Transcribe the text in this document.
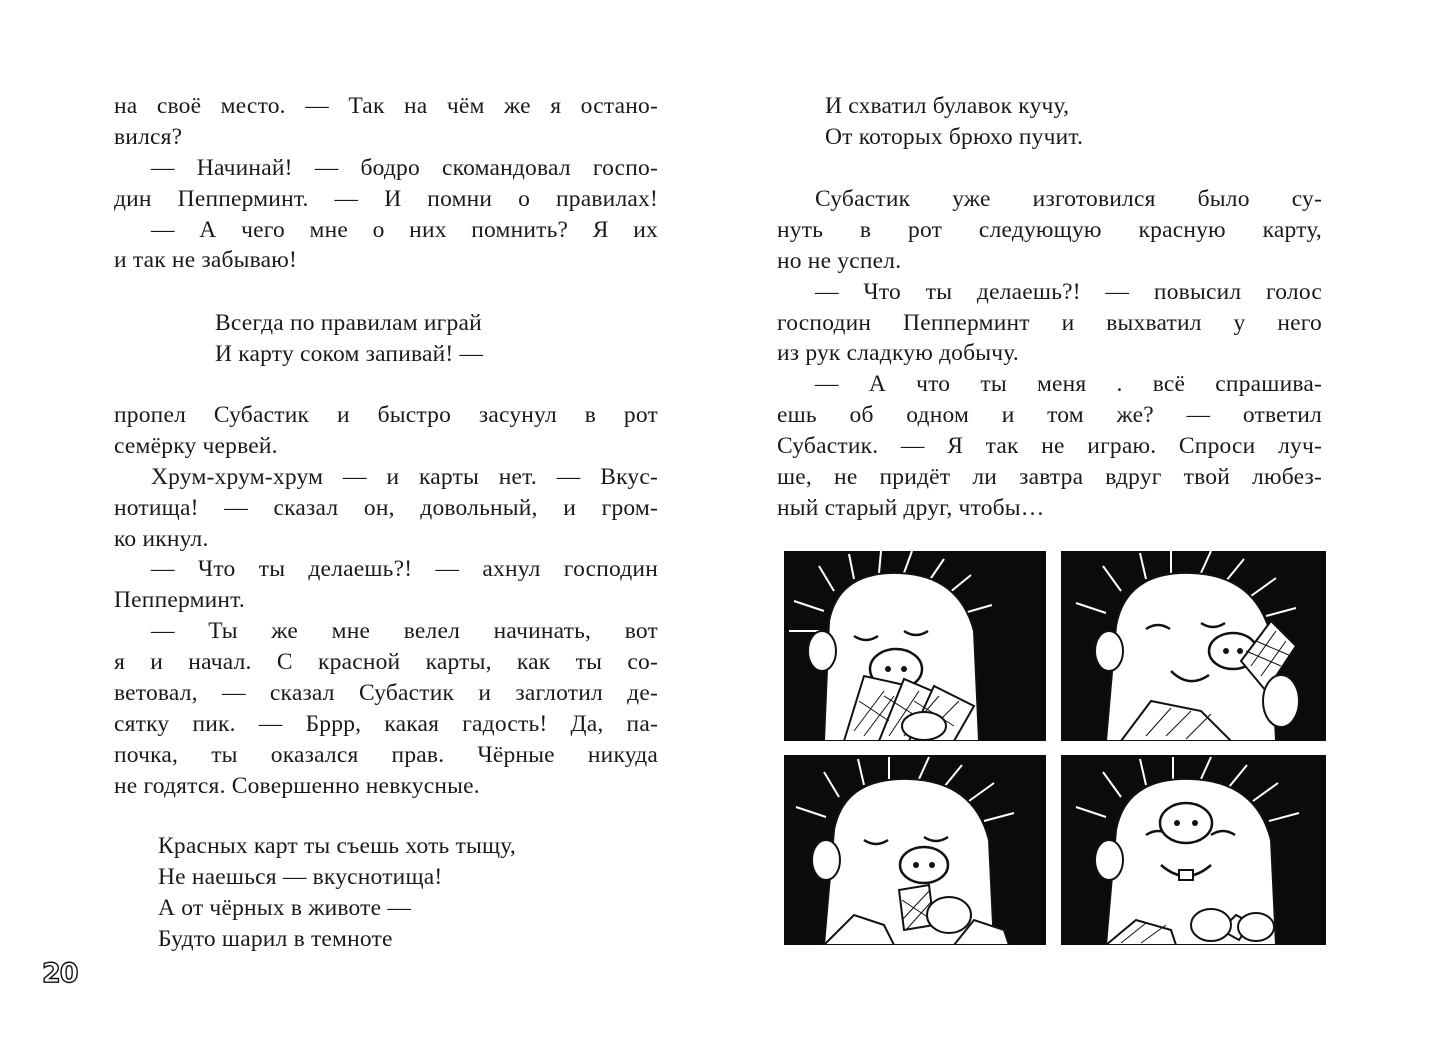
на своё место. — Так на чём же я остано-
вился?
— Начинай! — бодро скомандовал госпо-
дин Пепперминт. — И помни о правилах!
— А чего мне о них помнить? Я их
и так не забываю!
Всегда по правилам играй
И карту соком запивай! —
пропел Субастик и быстро засунул в рот
семёрку червей.
Хрум-хрум-хрум — и карты нет. — Вкус-
нотища! — сказал он, довольный, и гром-
ко икнул.
— Что ты делаешь?! — ахнул господин
Пепперминт.
— Ты же мне велел начинать, вот
я и начал. С красной карты, как ты со-
ветовал, — сказал Субастик и заглотил де-
сятку пик. — Бррр, какая гадость! Да, па-
почка, ты оказался прав. Чёрные никуда
не годятся. Совершенно невкусные.
Красных карт ты съешь хоть тыщу,
Не наешься — вкуснотища!
А от чёрных в животе —
Будто шарил в темноте
20
И схватил булавок кучу,
От которых брюхо пучит.
Субастик уже изготовился было су-
нуть в рот следующую красную карту,
но не успел.
— Что ты делаешь?! — повысил голос
господин Пепперминт и выхватил у него
из рук сладкую добычу.
— А что ты меня . всё спрашива-
ешь об одном и том же? — ответил
Субастик. — Я так не играю. Спроси луч-
ше, не придёт ли завтра вдруг твой любез-
ный старый друг, чтобы…
